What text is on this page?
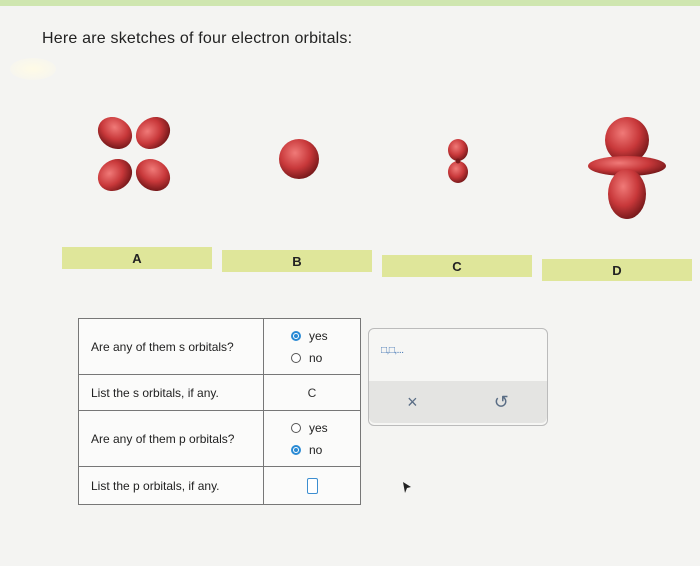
Here are sketches of four electron orbitals:
A	B	C	D
Are any of them s orbitals?	yes
no

List the s orbitals, if any.	C

Are any of them p orbitals?	yes
no

List the p orbitals, if any.	
□,□,...
×	↺
